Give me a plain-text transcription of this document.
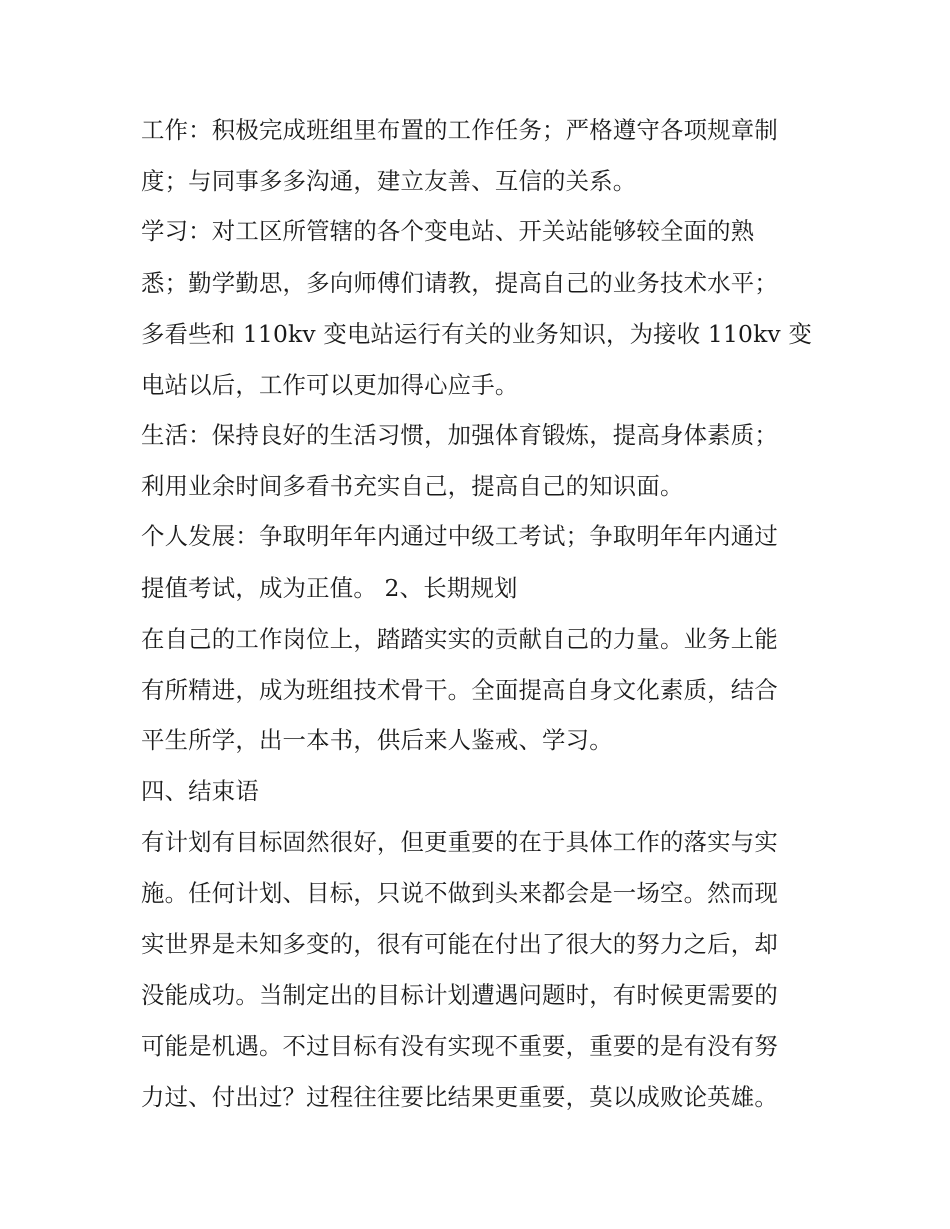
工作：积极完成班组里布置的工作任务；严格遵守各项规章制
度；与同事多多沟通，建立友善、互信的关系。
学习：对工区所管辖的各个变电站、开关站能够较全面的熟
悉；勤学勤思，多向师傅们请教，提高自己的业务技术水平；
多看些和 110kv 变电站运行有关的业务知识，为接收 110kv 变
电站以后，工作可以更加得心应手。
生活：保持良好的生活习惯，加强体育锻炼，提高身体素质；
利用业余时间多看书充实自己，提高自己的知识面。
个人发展：争取明年年内通过中级工考试；争取明年年内通过
提值考试，成为正值。 2、长期规划
在自己的工作岗位上，踏踏实实的贡献自己的力量。业务上能
有所精进，成为班组技术骨干。全面提高自身文化素质，结合
平生所学，出一本书，供后来人鉴戒、学习。
四、结束语
有计划有目标固然很好，但更重要的在于具体工作的落实与实
施。任何计划、目标，只说不做到头来都会是一场空。然而现
实世界是未知多变的，很有可能在付出了很大的努力之后，却
没能成功。当制定出的目标计划遭遇问题时，有时候更需要的
可能是机遇。不过目标有没有实现不重要，重要的是有没有努
力过、付出过？过程往往要比结果更重要，莫以成败论英雄。
